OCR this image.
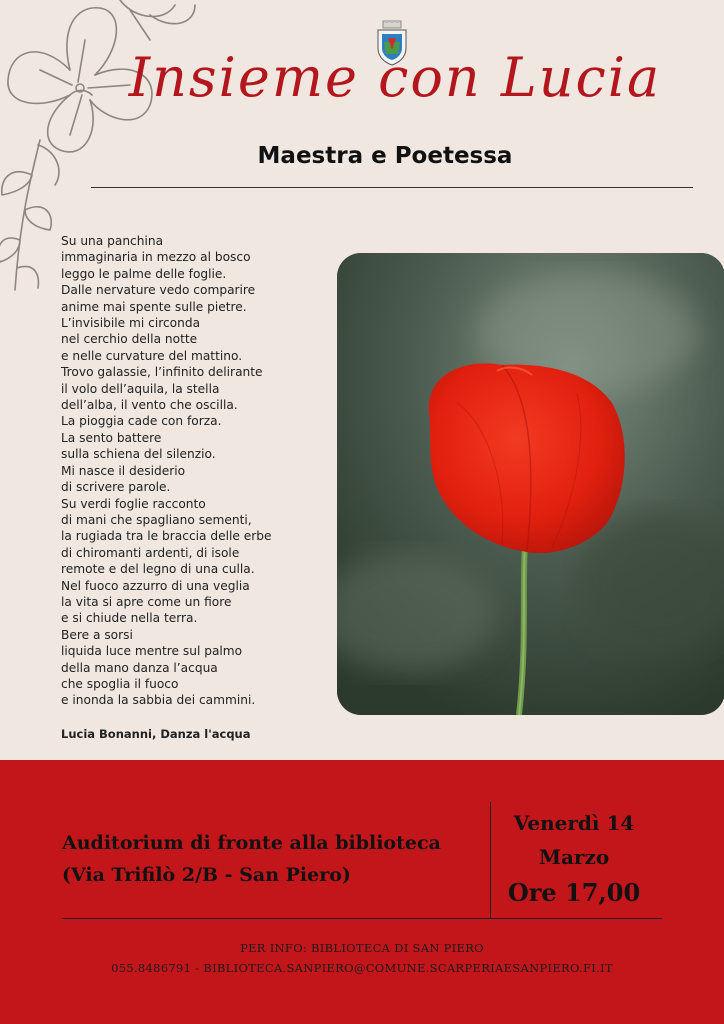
Insieme con Lucia
Maestra e Poetessa
Su una panchina
immaginaria in mezzo al bosco
leggo le palme delle foglie.
Dalle nervature vedo comparire
anime mai spente sulle pietre.
L’invisibile mi circonda
nel cerchio della notte
e nelle curvature del mattino.
Trovo galassie, l’infinito delirante
il volo dell’aquila, la stella
dell’alba, il vento che oscilla.
La pioggia cade con forza.
La sento battere
sulla schiena del silenzio.
Mi nasce il desiderio
di scrivere parole.
Su verdi foglie racconto
di mani che spagliano sementi,
la rugiada tra le braccia delle erbe
di chiromanti ardenti, di isole
remote e del legno di una culla.
Nel fuoco azzurro di una veglia
la vita si apre come un fiore
e si chiude nella terra.
Bere a sorsi
liquida luce mentre sul palmo
della mano danza l’acqua
che spoglia il fuoco
e inonda la sabbia dei cammini.
Lucia Bonanni, Danza l'acqua
Auditorium di fronte alla biblioteca
(Via Trifilò 2/B - San Piero)
Venerdì 14
Marzo
Ore 17,00
PER INFO: BIBLIOTECA DI SAN PIERO
055.8486791 - BIBLIOTECA.SANPIERO@COMUNE.SCARPERIAESANPIERO.FI.IT
